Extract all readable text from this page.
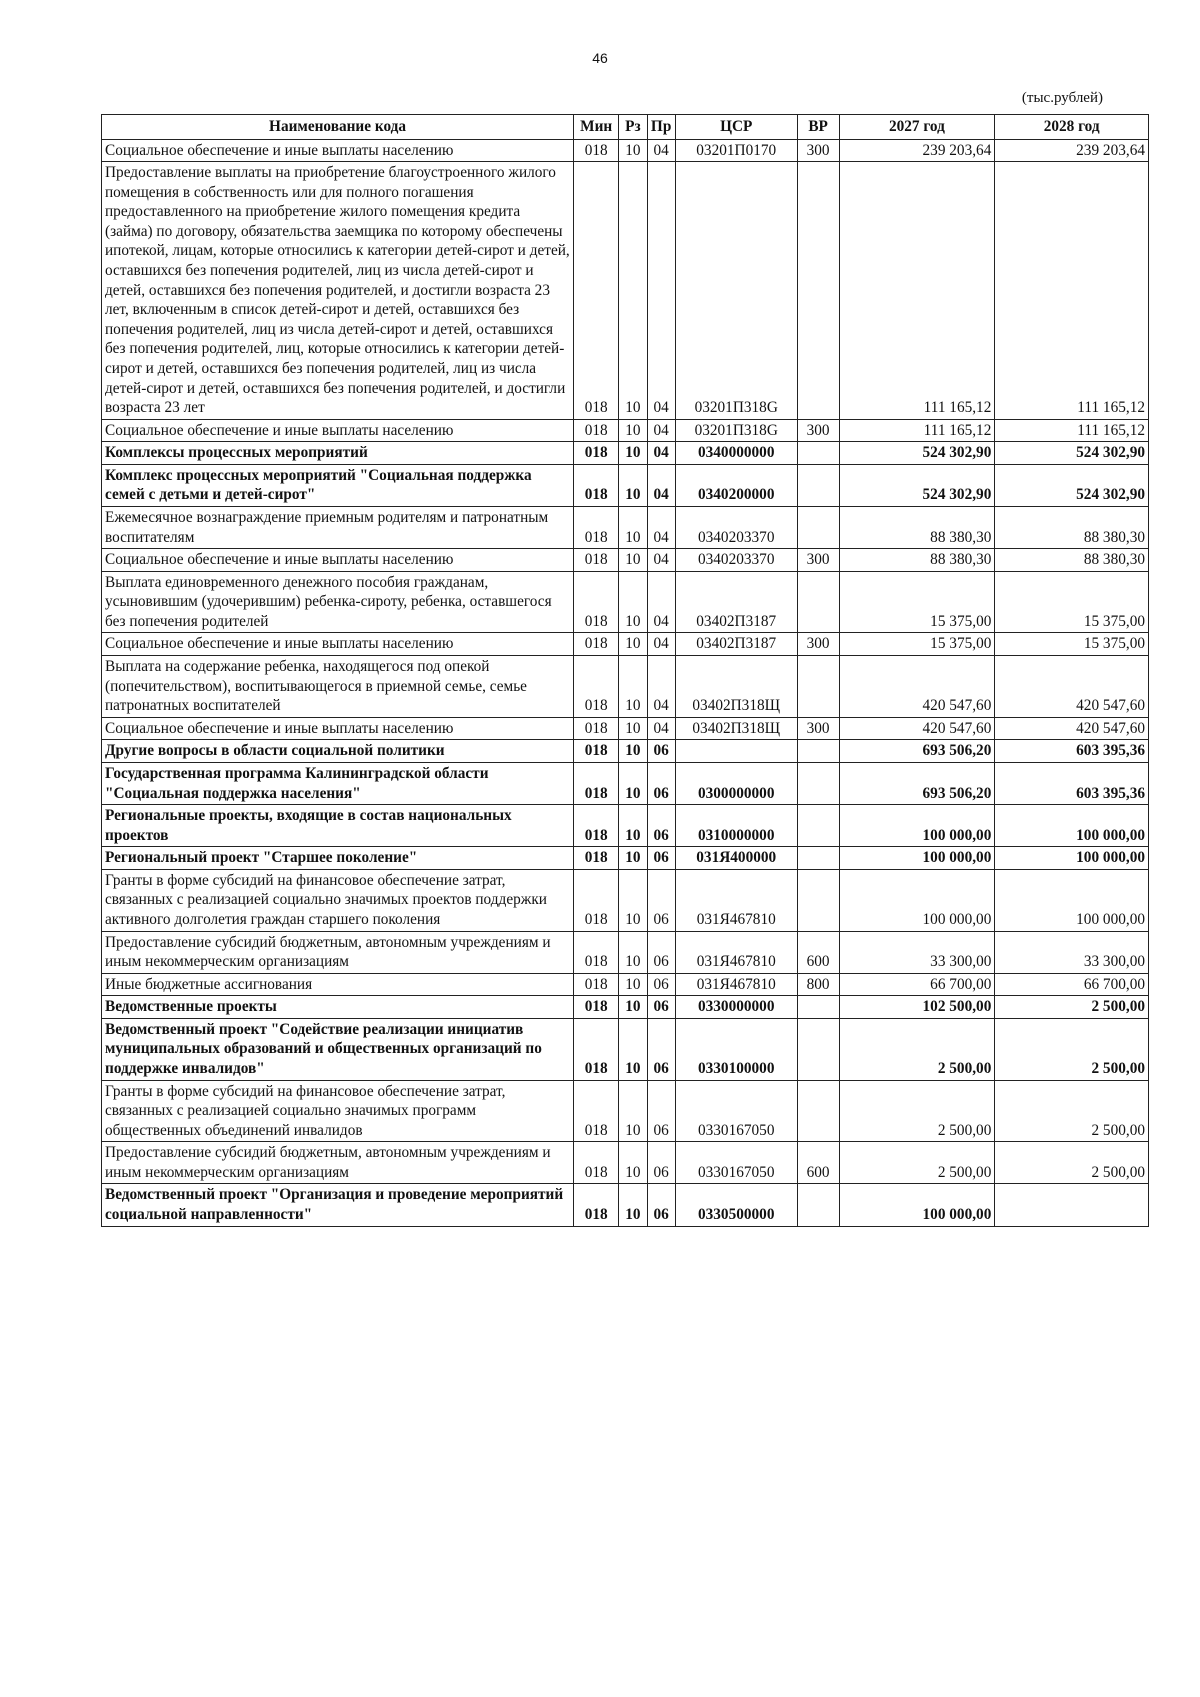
46
(тыс.рублей)
Наименование кода	Мин	Рз	Пр	ЦСР	ВР	2027 год	2028 год
Социальное обеспечение и иные выплаты населению	018	10	04	03201П0170	300	239 203,64	239 203,64
Предоставление выплаты на приобретение благоустроенного жилого помещения в собственность или для полного погашения предоставленного на приобретение жилого помещения кредита (займа) по договору, обязательства заемщика по которому обеспечены ипотекой, лицам, которые относились к категории детей-сирот и детей, оставшихся без попечения родителей, лиц из числа детей-сирот и детей, оставшихся без попечения родителей, и достигли возраста 23 лет, включенным в список детей-сирот и детей, оставшихся без попечения родителей, лиц из числа детей-сирот и детей, оставшихся без попечения родителей, лиц, которые относились к категории детей-сирот и детей, оставшихся без попечения родителей, лиц из числа детей-сирот и детей, оставшихся без попечения родителей, и достигли возраста 23 лет	018	10	04	03201П318G		111 165,12	111 165,12
Социальное обеспечение и иные выплаты населению	018	10	04	03201П318G	300	111 165,12	111 165,12
Комплексы процессных мероприятий	018	10	04	0340000000		524 302,90	524 302,90
Комплекс процессных мероприятий "Социальная поддержка семей с детьми и детей-сирот"	018	10	04	0340200000		524 302,90	524 302,90
Ежемесячное вознаграждение приемным родителям и патронатным воспитателям	018	10	04	0340203370		88 380,30	88 380,30
Социальное обеспечение и иные выплаты населению	018	10	04	0340203370	300	88 380,30	88 380,30
Выплата единовременного денежного пособия гражданам, усыновившим (удочерившим) ребенка-сироту, ребенка, оставшегося без попечения родителей	018	10	04	03402П3187		15 375,00	15 375,00
Социальное обеспечение и иные выплаты населению	018	10	04	03402П3187	300	15 375,00	15 375,00
Выплата на содержание ребенка, находящегося под опекой (попечительством), воспитывающегося в приемной семье, семье патронатных воспитателей	018	10	04	03402П318Щ		420 547,60	420 547,60
Социальное обеспечение и иные выплаты населению	018	10	04	03402П318Щ	300	420 547,60	420 547,60
Другие вопросы в области социальной политики	018	10	06			693 506,20	603 395,36
Государственная программа Калининградской области "Социальная поддержка населения"	018	10	06	0300000000		693 506,20	603 395,36
Региональные проекты, входящие в состав национальных проектов	018	10	06	0310000000		100 000,00	100 000,00
Региональный проект "Старшее поколение"	018	10	06	031Я400000		100 000,00	100 000,00
Гранты в форме субсидий на финансовое обеспечение затрат, связанных с реализацией социально значимых проектов поддержки активного долголетия граждан старшего поколения	018	10	06	031Я467810		100 000,00	100 000,00
Предоставление субсидий бюджетным, автономным учреждениям и иным некоммерческим организациям	018	10	06	031Я467810	600	33 300,00	33 300,00
Иные бюджетные ассигнования	018	10	06	031Я467810	800	66 700,00	66 700,00
Ведомственные проекты	018	10	06	0330000000		102 500,00	2 500,00
Ведомственный проект "Содействие реализации инициатив муниципальных образований и общественных организаций по поддержке инвалидов"	018	10	06	0330100000		2 500,00	2 500,00
Гранты в форме субсидий на финансовое обеспечение затрат, связанных с реализацией социально значимых программ общественных объединений инвалидов	018	10	06	0330167050		2 500,00	2 500,00
Предоставление субсидий бюджетным, автономным учреждениям и иным некоммерческим организациям	018	10	06	0330167050	600	2 500,00	2 500,00
Ведомственный проект "Организация и проведение мероприятий социальной направленности"	018	10	06	0330500000		100 000,00	
